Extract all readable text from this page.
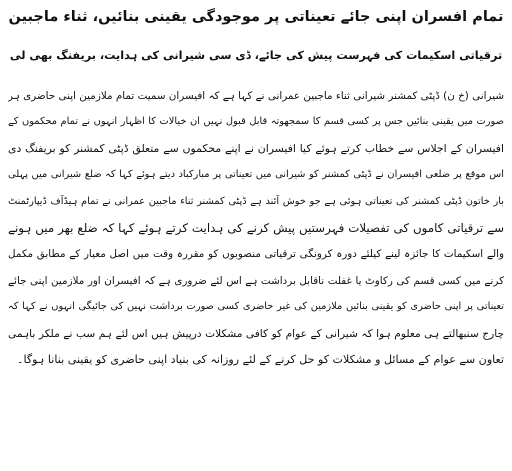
تمام افسران اپنی جائے تعیناتی پر موجودگی یقینی بنائیں، ثناء ماجبین
ترقیاتی اسکیمات کی فہرست پیش کی جائے، ڈی سی شیرانی کی ہدایت، بریفنگ بھی لی
شیرانی (خ ن) ڈپٹی کمشنر شیرانی ثناء ماجبین عمرانی نے کہا ہے کہ افیسران سمیت تمام ملازمین اپنی حاضری ہر
صورت میں یقینی بنائیں جس پر کسی قسم کا سمجھوتہ قابل قبول نہیں ان خیالات کا اظہار انہوں نے تمام محکموں کے
افیسران کے اجلاس سے خطاب کرتے ہوئے کیا افیسران نے اپنے محکموں سے متعلق ڈپٹی کمشنر کو بریفنگ دی
اس موقع پر ضلعی افیسران نے ڈپٹی کمشنر کو شیرانی میں تعیناتی پر مبارکباد دیتے ہوئے کہا کہ ضلع شیرانی میں پہلی
بار خاتون ڈپٹی کمشنر کی تعیناتی ہوئی ہے جو خوش آئند ہے ڈپٹی کمشنر ثناء ماجبین عمرانی نے تمام ہیڈآف ڈیپارٹمنٹ
سے ترقیاتی کاموں کی تفصیلات فہرستیں پیش کرنے کی ہدایت کرتے ہوئے کہا کہ ضلع بھر میں ہونے
والے اسکیمات کا جائزہ لینے کیلئے دورہ کرونگی ترقیاتی منصوبوں کو مقررہ وقت میں اصل معیار کے مطابق مکمل
کرنے میں کسی قسم کی رکاوٹ یا غفلت ناقابل برداشت ہے اس لئے ضروری ہے کہ افیسران اور ملازمین اپنی جائے
تعیناتی پر اپنی حاضری کو یقینی بنائیں ملازمین کی غیر حاضری کسی صورت برداشت نہیں کی جائیگی انہوں نے کہا کہ
چارج سنبھالتے ہی معلوم ہوا کہ شیرانی کے عوام کو کافی مشکلات درپیش ہیں اس لئے ہم سب نے ملکر باہمی
تعاون سے عوام کے مسائل و مشکلات کو حل کرنے کے لئے روزانہ کی بنیاد اپنی حاضری کو یقینی بنانا ہوگا۔
